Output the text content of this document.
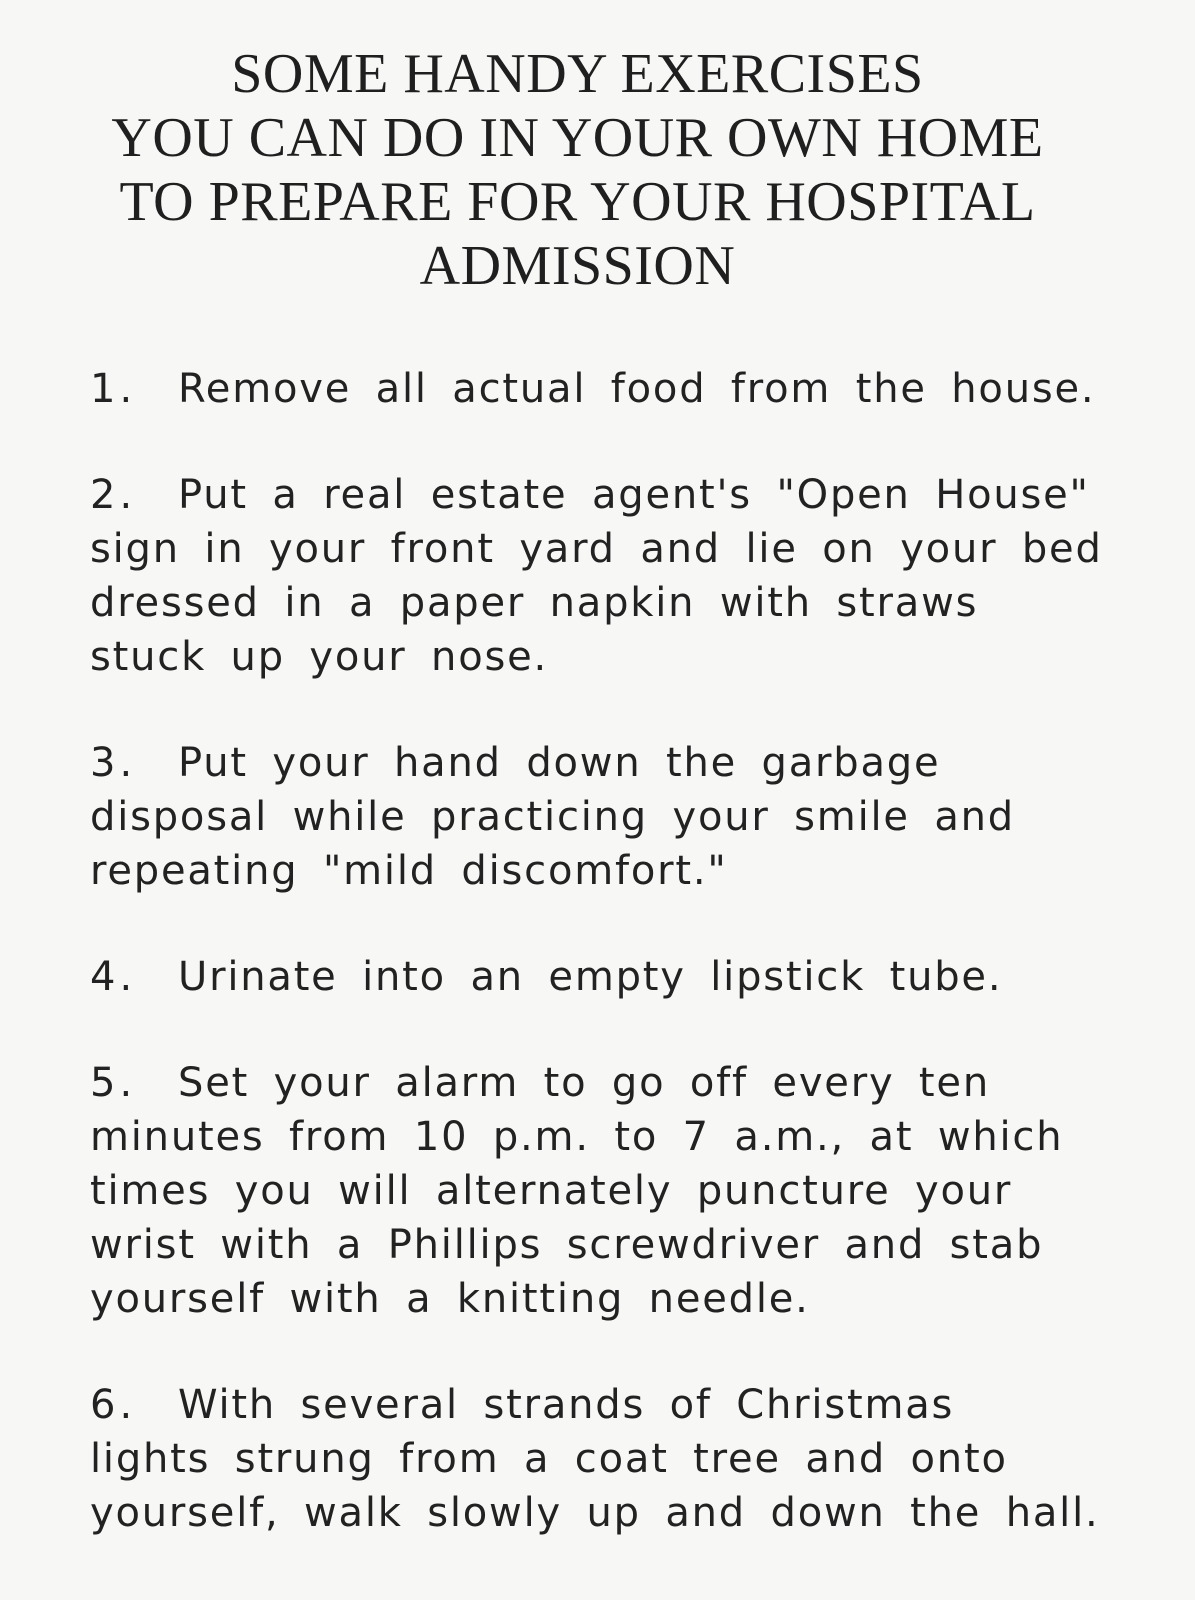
SOME HANDY EXERCISES
YOU CAN DO IN YOUR OWN HOME
TO PREPARE FOR YOUR HOSPITAL
ADMISSION
1. Remove all actual food from the house.
2. Put a real estate agent's "Open House"
sign in your front yard and lie on your bed
dressed in a paper napkin with straws
stuck up your nose.
3. Put your hand down the garbage
disposal while practicing your smile and
repeating "mild discomfort."
4. Urinate into an empty lipstick tube.
5. Set your alarm to go off every ten
minutes from 10 p.m. to 7 a.m., at which
times you will alternately puncture your
wrist with a Phillips screwdriver and stab
yourself with a knitting needle.
6. With several strands of Christmas
lights strung from a coat tree and onto
yourself, walk slowly up and down the hall.
